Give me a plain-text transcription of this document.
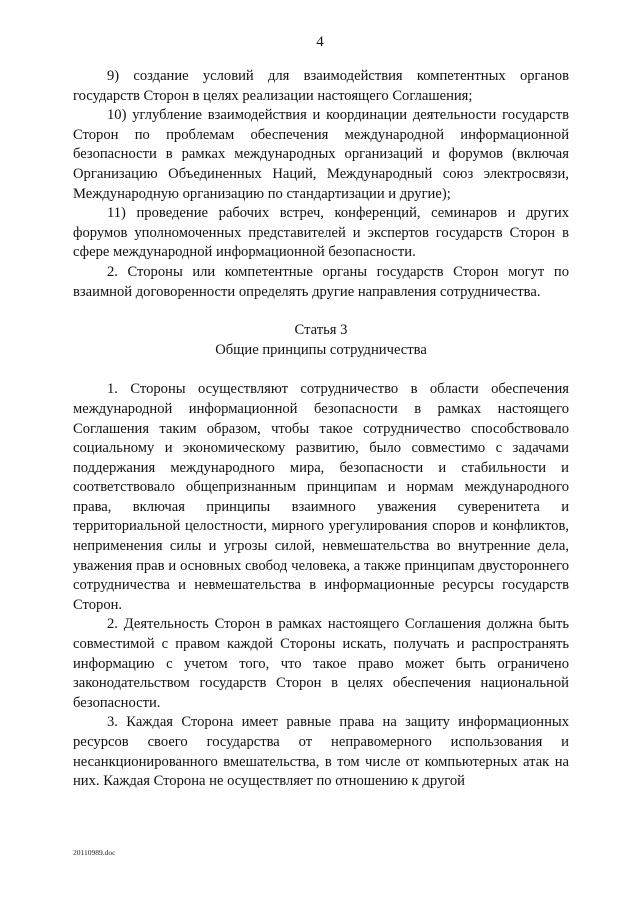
4

9) создание условий для взаимодействия компетентных органов государств Сторон в целях реализации настоящего Соглашения;

10) углубление взаимодействия и координации деятельности государств Сторон по проблемам обеспечения международной информационной безопасности в рамках международных организаций и форумов (включая Организацию Объединенных Наций, Международный союз электросвязи, Международную организацию по стандартизации и другие);

11) проведение рабочих встреч, конференций, семинаров и других форумов уполномоченных представителей и экспертов государств Сторон в сфере международной информационной безопасности.

2. Стороны или компетентные органы государств Сторон могут по взаимной договоренности определять другие направления сотрудничества.

Статья 3
Общие принципы сотрудничества

1. Стороны осуществляют сотрудничество в области обеспечения международной информационной безопасности в рамках настоящего Соглашения таким образом, чтобы такое сотрудничество способствовало социальному и экономическому развитию, было совместимо с задачами поддержания международного мира, безопасности и стабильности и соответствовало общепризнанным принципам и нормам международного права, включая принципы взаимного уважения суверенитета и территориальной целостности, мирного урегулирования споров и конфликтов, неприменения силы и угрозы силой, невмешательства во внутренние дела, уважения прав и основных свобод человека, а также принципам двустороннего сотрудничества и невмешательства в информационные ресурсы государств Сторон.

2. Деятельность Сторон в рамках настоящего Соглашения должна быть совместимой с правом каждой Стороны искать, получать и распространять информацию с учетом того, что такое право может быть ограничено законодательством государств Сторон в целях обеспечения национальной безопасности.

3. Каждая Сторона имеет равные права на защиту информационных ресурсов своего государства от неправомерного использования и несанкционированного вмешательства, в том числе от компьютерных атак на них. Каждая Сторона не осуществляет по отношению к другой

20110989.doc
